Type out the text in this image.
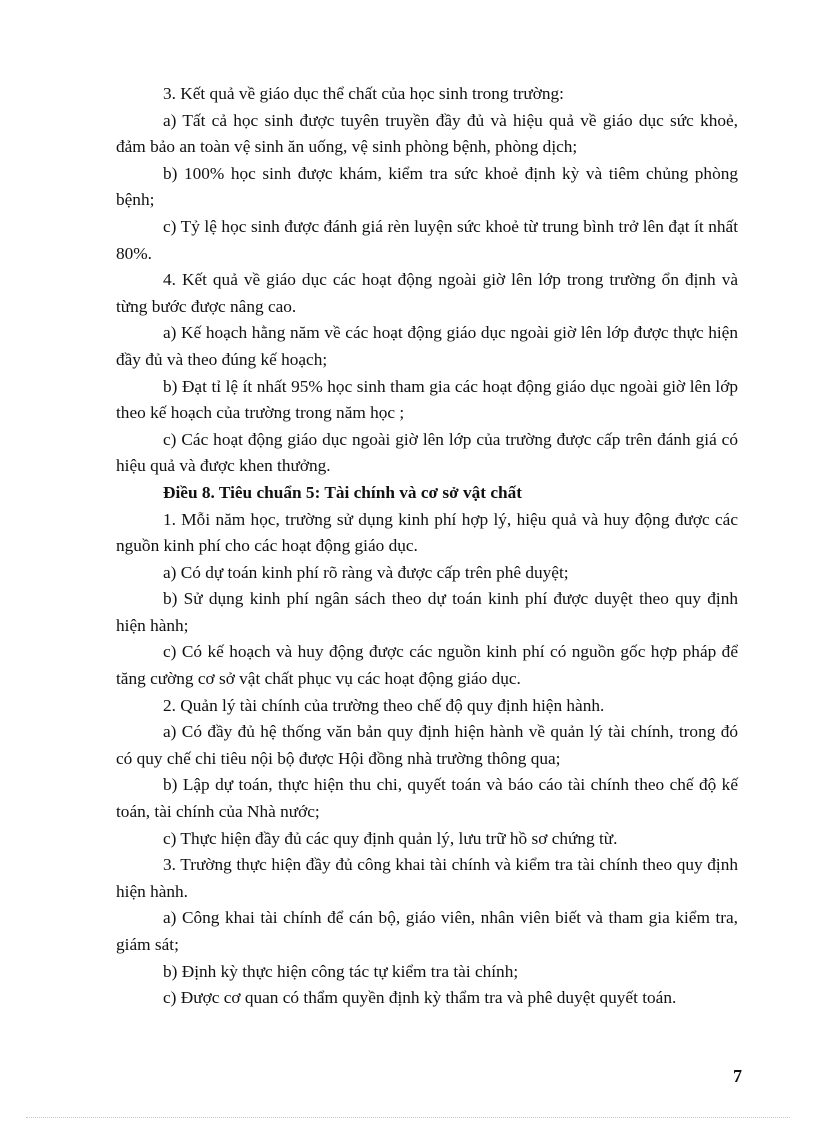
3. Kết quả về giáo dục thể chất của học sinh trong trường:

a) Tất cả học sinh được tuyên truyền đầy đủ và hiệu quả về giáo dục sức khoẻ, đảm bảo an toàn vệ sinh ăn uống, vệ sinh phòng bệnh, phòng dịch;

b) 100% học sinh được khám, kiểm tra sức khoẻ định kỳ và tiêm chủng phòng bệnh;

c) Tỷ lệ học sinh được đánh giá rèn luyện sức khoẻ từ trung bình trở lên đạt ít nhất 80%.

4. Kết quả về giáo dục các hoạt động ngoài giờ lên lớp trong trường ổn định và từng bước được nâng cao.

a) Kế hoạch hằng năm về các hoạt động giáo dục ngoài giờ lên lớp được thực hiện đầy đủ và theo đúng kế hoạch;

b) Đạt tỉ lệ ít nhất 95% học sinh tham gia các hoạt động giáo dục ngoài giờ lên lớp theo kế hoạch của trường trong năm học ;

c) Các hoạt động giáo dục ngoài giờ lên lớp của trường được cấp trên đánh giá có hiệu quả và được khen thưởng.

Điều 8. Tiêu chuẩn 5: Tài chính và cơ sở vật chất

1. Mỗi năm học, trường sử dụng kinh phí hợp lý, hiệu quả và huy động được các nguồn kinh phí cho các hoạt động giáo dục.

a) Có dự toán kinh phí rõ ràng và được cấp trên phê duyệt;

b) Sử dụng kinh phí ngân sách theo dự toán kinh phí được duyệt theo quy định hiện hành;

c) Có kế hoạch và huy động được các nguồn kinh phí có nguồn gốc hợp pháp để tăng cường cơ sở vật chất phục vụ các hoạt động giáo dục.

2. Quản lý tài chính của trường theo chế độ quy định hiện hành.

a) Có đầy đủ hệ thống văn bản quy định hiện hành về quản lý tài chính, trong đó có quy chế chi tiêu nội bộ được Hội đồng nhà trường thông qua;

b) Lập dự toán, thực hiện thu chi, quyết toán và báo cáo tài chính theo chế độ kế toán, tài chính của Nhà nước;

c) Thực hiện đầy đủ các quy định quản lý, lưu trữ hồ sơ chứng từ.

3. Trường thực hiện đầy đủ công khai tài chính và kiểm tra tài chính theo quy định hiện hành.

a) Công khai tài chính để cán bộ, giáo viên, nhân viên biết và tham gia kiểm tra, giám sát;

b) Định kỳ thực hiện công tác tự kiểm tra tài chính;

c) Được cơ quan có thẩm quyền định kỳ thẩm tra và phê duyệt quyết toán.

7
